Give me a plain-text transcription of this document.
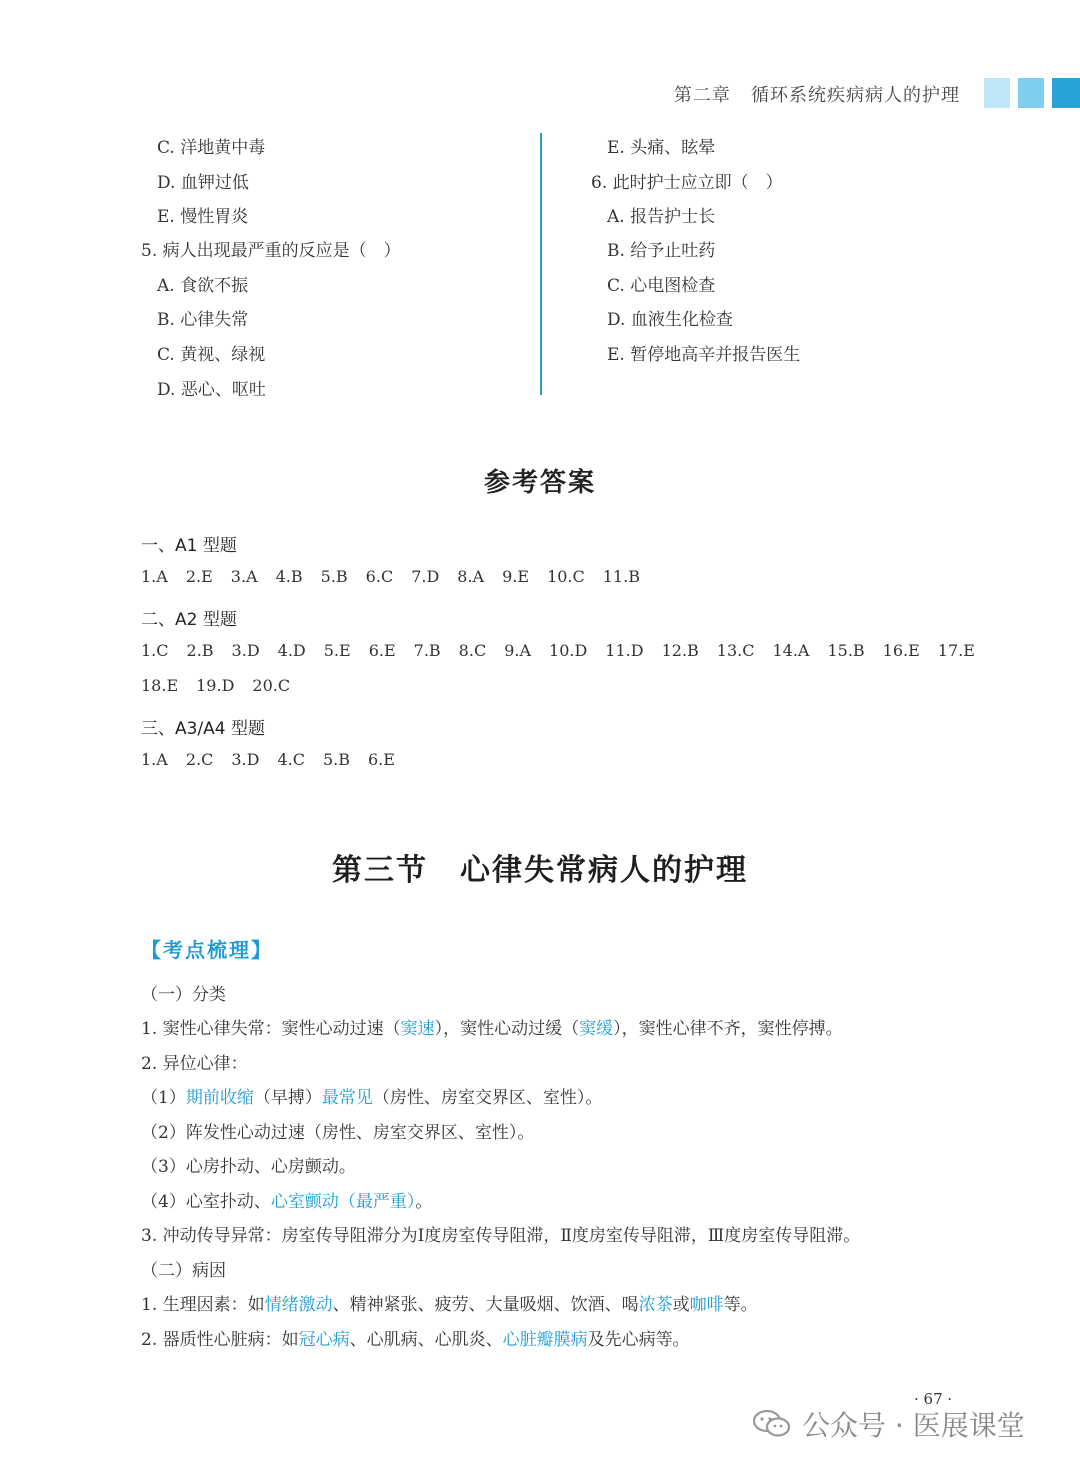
第二章 循环系统疾病病人的护理
C. 洋地黄中毒
D. 血钾过低
E. 慢性胃炎
5. 病人出现最严重的反应是（　）
A. 食欲不振
B. 心律失常
C. 黄视、绿视
D. 恶心、呕吐
E. 头痛、眩晕
6. 此时护士应立即（　）
A. 报告护士长
B. 给予止吐药
C. 心电图检查
D. 血液生化检查
E. 暂停地高辛并报告医生
参考答案
一、A1 型题
1.A 2.E 3.A 4.B 5.B 6.C 7.D 8.A 9.E 10.C 11.B
二、A2 型题
1.C 2.B 3.D 4.D 5.E 6.E 7.B 8.C 9.A 10.D 11.D 12.B 13.C 14.A 15.B 16.E 17.E
18.E 19.D 20.C
三、A3/A4 型题
1.A 2.C 3.D 4.C 5.B 6.E
第三节　心律失常病人的护理
【考点梳理】
（一）分类
1. 窦性心律失常：窦性心动过速（窦速），窦性心动过缓（窦缓），窦性心律不齐，窦性停搏。
2. 异位心律：
（1）期前收缩（早搏）最常见（房性、房室交界区、室性）。
（2）阵发性心动过速（房性、房室交界区、室性）。
（3）心房扑动、心房颤动。
（4）心室扑动、心室颤动（最严重）。
3. 冲动传导异常：房室传导阻滞分为Ⅰ度房室传导阻滞，Ⅱ度房室传导阻滞，Ⅲ度房室传导阻滞。
（二）病因
1. 生理因素：如情绪激动、精神紧张、疲劳、大量吸烟、饮酒、喝浓茶或咖啡等。
2. 器质性心脏病：如冠心病、心肌病、心肌炎、心脏瓣膜病及先心病等。
· 67 ·
公众号 · 医展课堂
